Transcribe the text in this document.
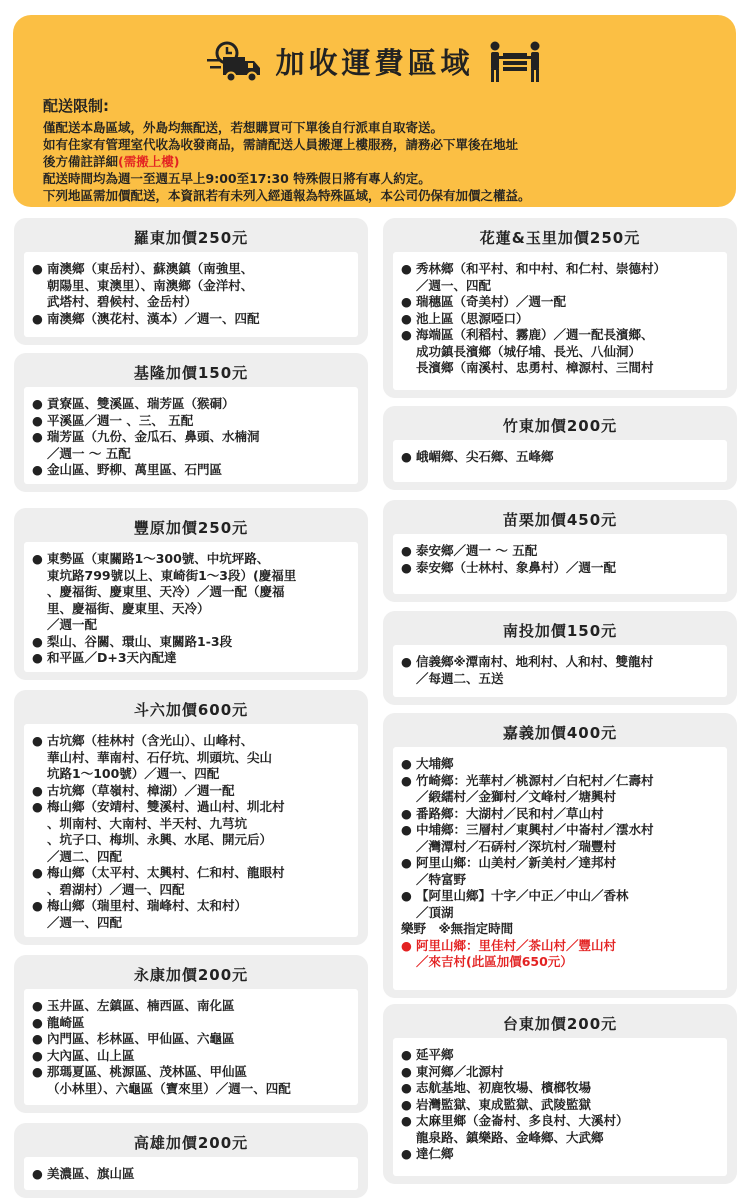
加收運費區域
配送限制:
僅配送本島區域，外島均無配送，若想購買可下單後自行派車自取寄送。
如有住家有管理室代收為收發商品，需請配送人員搬運上樓服務，請務必下單後在地址
後方備註詳細(需搬上樓)
配送時間均為週一至週五早上9:00至17:30 特殊假日將有專人約定。
下列地區需加價配送，本資訊若有未列入經通報為特殊區域，本公司仍保有加價之權益。
羅東加價250元
● 南澳鄉（東岳村）、蘇澳鎮（南強里、
朝陽里、東澳里）、南澳鄉（金洋村、
武塔村、碧候村、金岳村）
● 南澳鄉（澳花村、漢本）／週一、四配
基隆加價150元
● 貢寮區、雙溪區、瑞芳區（猴硐）
● 平溪區／週一 、三、 五配
● 瑞芳區（九份、金瓜石、鼻頭、水楠洞
／週一 ～ 五配
● 金山區、野柳、萬里區、石門區
豐原加價250元
● 東勢區（東關路1～300號、中坑坪路、
東坑路799號以上、東崎街1～3段）(慶福里
、慶福街、慶東里、天冷）／週一配（慶福
里、慶福街、慶東里、天冷）
／週一配
● 梨山、谷關、環山、東關路1-3段
● 和平區／D+3天內配達
斗六加價600元
● 古坑鄉（桂林村（含光山）、山峰村、
華山村、華南村、石仔坑、圳頭坑、尖山
坑路1～100號）／週一、四配
● 古坑鄉（草嶺村、樟湖）／週一配
● 梅山鄉（安靖村、雙溪村、過山村、圳北村
、圳南村、大南村、半天村、九芎坑
、坑子口、梅圳、永興、水尾、開元后）
／週二、四配
● 梅山鄉（太平村、太興村、仁和村、龍眼村
、碧湖村）／週一、四配
● 梅山鄉（瑞里村、瑞峰村、太和村）
／週一、四配
永康加價200元
● 玉井區、左鎮區、楠西區、南化區
● 龍崎區
● 內門區、杉林區、甲仙區、六龜區
● 大內區、山上區
● 那瑪夏區、桃源區、茂林區、甲仙區
（小林里）、六龜區（寶來里）／週一、四配
高雄加價200元
● 美濃區、旗山區
花蓮&玉里加價250元
● 秀林鄉（和平村、和中村、和仁村、崇德村）
／週一、四配
● 瑞穗區（奇美村）／週一配
● 池上區（思源啞口）
● 海端區（利稻村、霧鹿）／週一配長濱鄉、
成功鎮長濱鄉（城仔埔、長光、八仙洞）
長濱鄉（南溪村、忠勇村、樟源村、三間村
竹東加價200元
● 峨嵋鄉、尖石鄉、五峰鄉
苗栗加價450元
● 泰安鄉／週一 ～ 五配
● 泰安鄉（士林村、象鼻村）／週一配
南投加價150元
● 信義鄉※潭南村、地利村、人和村、雙龍村
／每週二、五送
嘉義加價400元
● 大埔鄉
● 竹崎鄉：光華村／桃源村／白杞村／仁壽村
／緞繻村／金獅村／文峰村／塘興村
● 番路鄉：大湖村／民和村／草山村
● 中埔鄉：三層村／東興村／中崙村／澐水村
／灣潭村／石硦村／深坑村／瑞豐村
● 阿里山鄉：山美村／新美村／達邦村
／特富野
● 【阿里山鄉】十字／中正／中山／香林
／頂湖
樂野　※無指定時間
● 阿里山鄉：里佳村／茶山村／豐山村
／來吉村(此區加價650元）
台東加價200元
● 延平鄉
● 東河鄉／北源村
● 志航基地、初鹿牧場、檳榔牧場
● 岩灣監獄、東成監獄、武陵監獄
● 太麻里鄉（金崙村、多良村、大溪村）
龍泉路、鎮樂路、金峰鄉、大武鄉
● 達仁鄉
